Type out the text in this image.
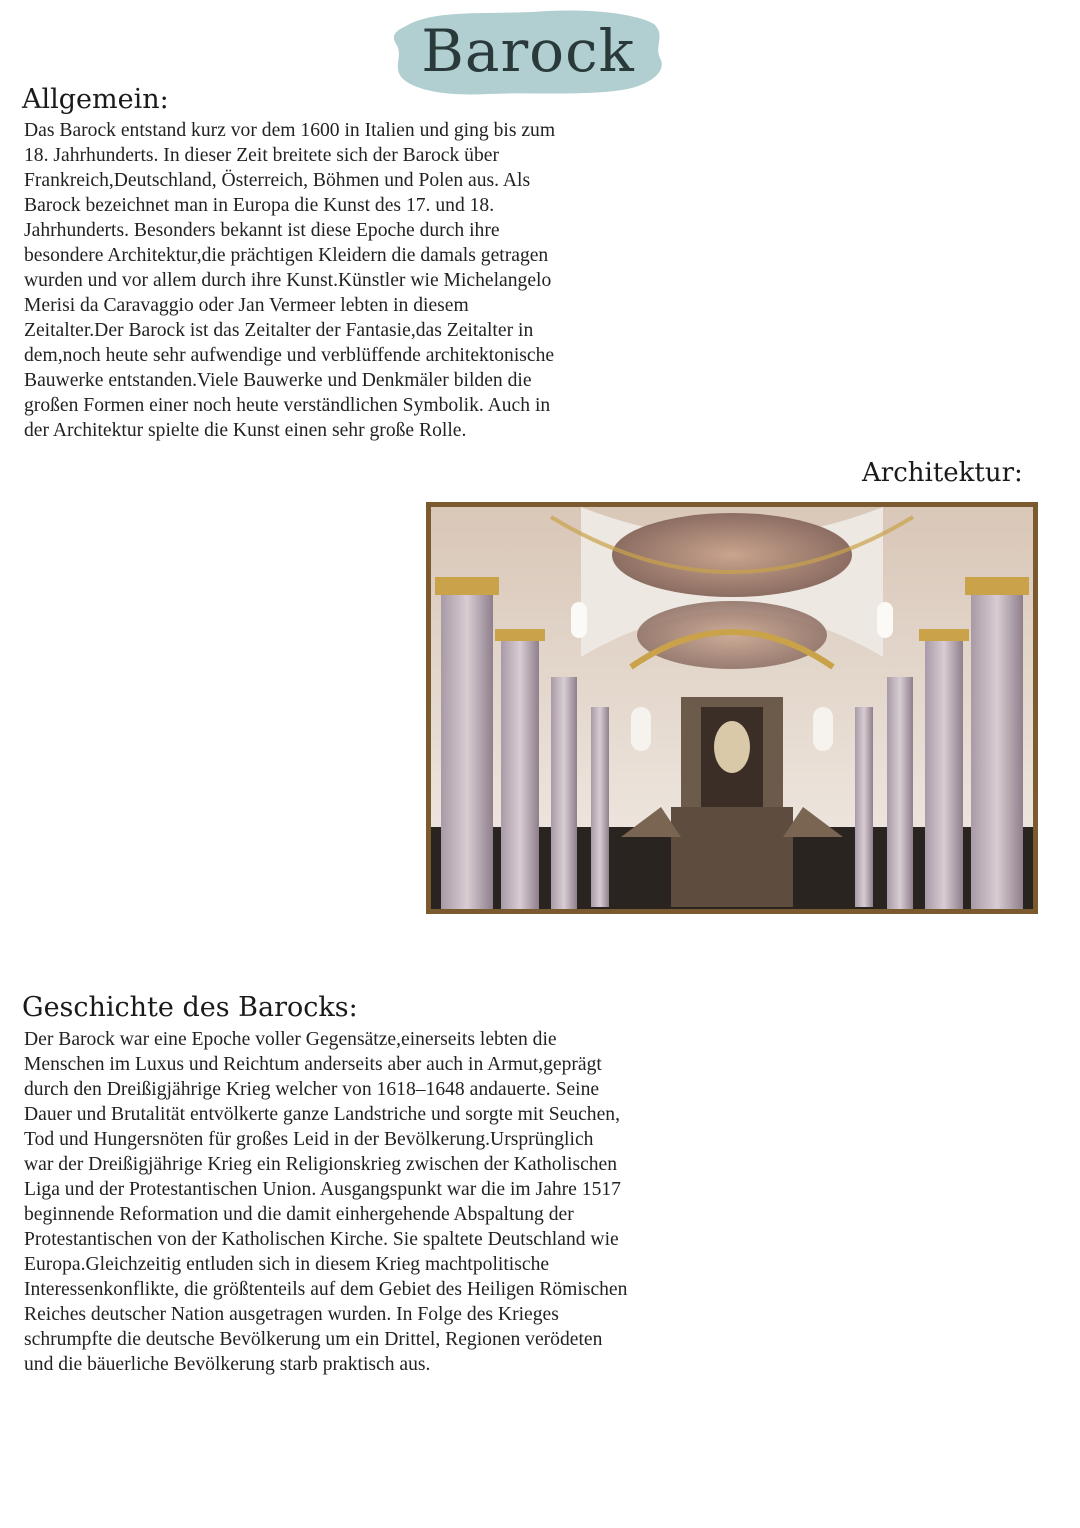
Barock
Allgemein:

Das Barock entstand kurz vor dem 1600 in Italien und ging bis zum
18. Jahrhunderts. In dieser Zeit breitete sich der Barock über
Frankreich,Deutschland, Österreich, Böhmen und Polen aus. Als
Barock bezeichnet man in Europa die Kunst des 17. und 18.
Jahrhunderts. Besonders bekannt ist diese Epoche durch ihre
besondere Architektur,die prächtigen Kleidern die damals getragen
wurden und vor allem durch ihre Kunst.Künstler wie Michelangelo
Merisi da Caravaggio oder Jan Vermeer lebten in diesem
Zeitalter.Der Barock ist das Zeitalter der Fantasie,das Zeitalter in
dem,noch heute sehr aufwendige und verblüffende architektonische
Bauwerke entstanden.Viele Bauwerke und Denkmäler bilden die
großen Formen einer noch heute verständlichen Symbolik. Auch in
der Architektur spielte die Kunst einen sehr große Rolle.

Architektur:
Geschichte des Barocks:

Der Barock war eine Epoche voller Gegensätze,einerseits lebten die
Menschen im Luxus und Reichtum anderseits aber auch in Armut,geprägt
durch den Dreißigjährige Krieg welcher von 1618–1648 andauerte. Seine
Dauer und Brutalität entvölkerte ganze Landstriche und sorgte mit Seuchen,
Tod und Hungersnöten für großes Leid in der Bevölkerung.Ursprünglich
war der Dreißigjährige Krieg ein Religionskrieg zwischen der Katholischen
Liga und der Protestantischen Union. Ausgangspunkt war die im Jahre 1517
beginnende Reformation und die damit einhergehende Abspaltung der
Protestantischen von der Katholischen Kirche. Sie spaltete Deutschland wie
Europa.Gleichzeitig entluden sich in diesem Krieg machtpolitische
Interessenkonflikte, die größtenteils auf dem Gebiet des Heiligen Römischen
Reiches deutscher Nation ausgetragen wurden. In Folge des Krieges
schrumpfte die deutsche Bevölkerung um ein Drittel, Regionen verödeten
und die bäuerliche Bevölkerung starb praktisch aus.
